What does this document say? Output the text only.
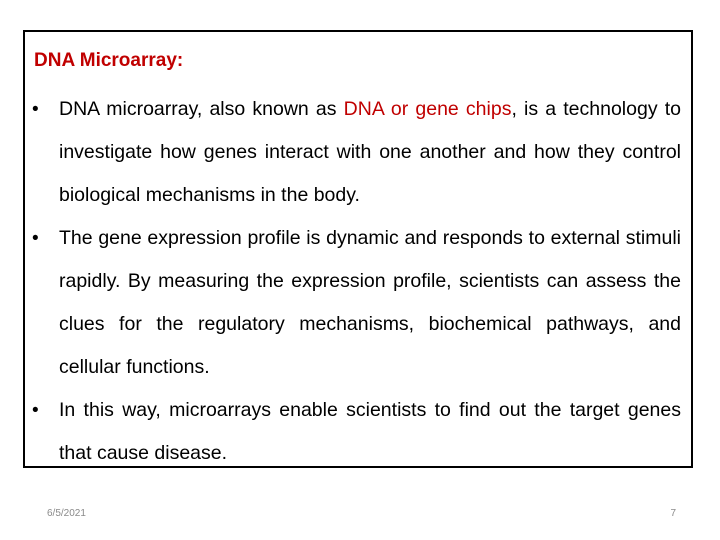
DNA Microarray:
• DNA microarray, also known as DNA or gene chips, is a technology to investigate how genes interact with one another and how they control biological mechanisms in the body.
• The gene expression profile is dynamic and responds to external stimuli rapidly. By measuring the expression profile, scientists can assess the clues for the regulatory mechanisms, biochemical pathways, and cellular functions.
• In this way, microarrays enable scientists to find out the target genes that cause disease.
6/5/2021	7
